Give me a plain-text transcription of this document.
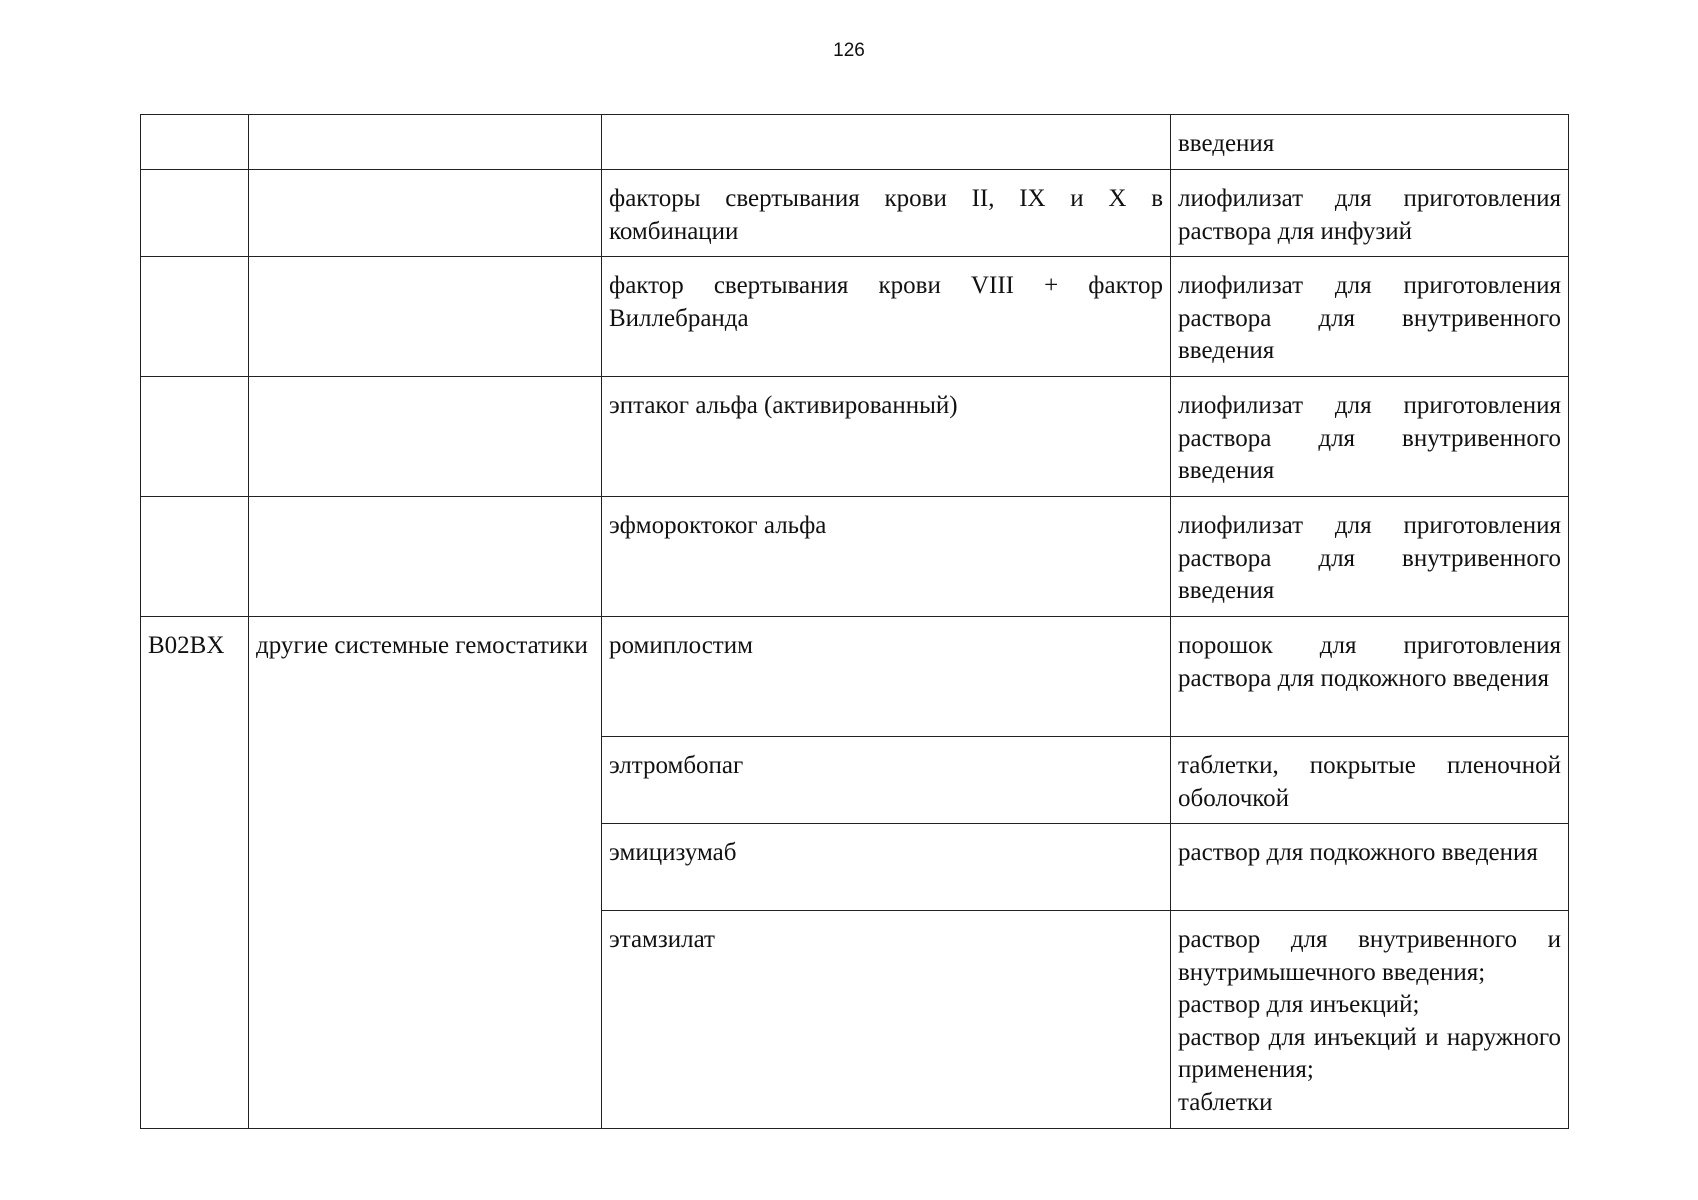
126
			введения
		факторы свертывания крови II, IX и X в комбинации	лиофилизат для приготовления раствора для инфузий
		фактор свертывания крови VIII + фактор Виллебранда	лиофилизат для приготовления раствора для внутривенного введения
		эптаког альфа (активированный)	лиофилизат для приготовления раствора для внутривенного введения
		эфмороктоког альфа	лиофилизат для приготовления раствора для внутривенного введения
B02BX	другие системные гемостатики	ромиплостим	порошок для приготовления раствора для подкожного введения
		элтромбопаг	таблетки, покрытые пленочной оболочкой
		эмицизумаб	раствор для подкожного введения
		этамзилат	раствор для внутривенного и внутримышечного введения;
раствор для инъекций;
раствор для инъекций и наружного применения;
таблетки
